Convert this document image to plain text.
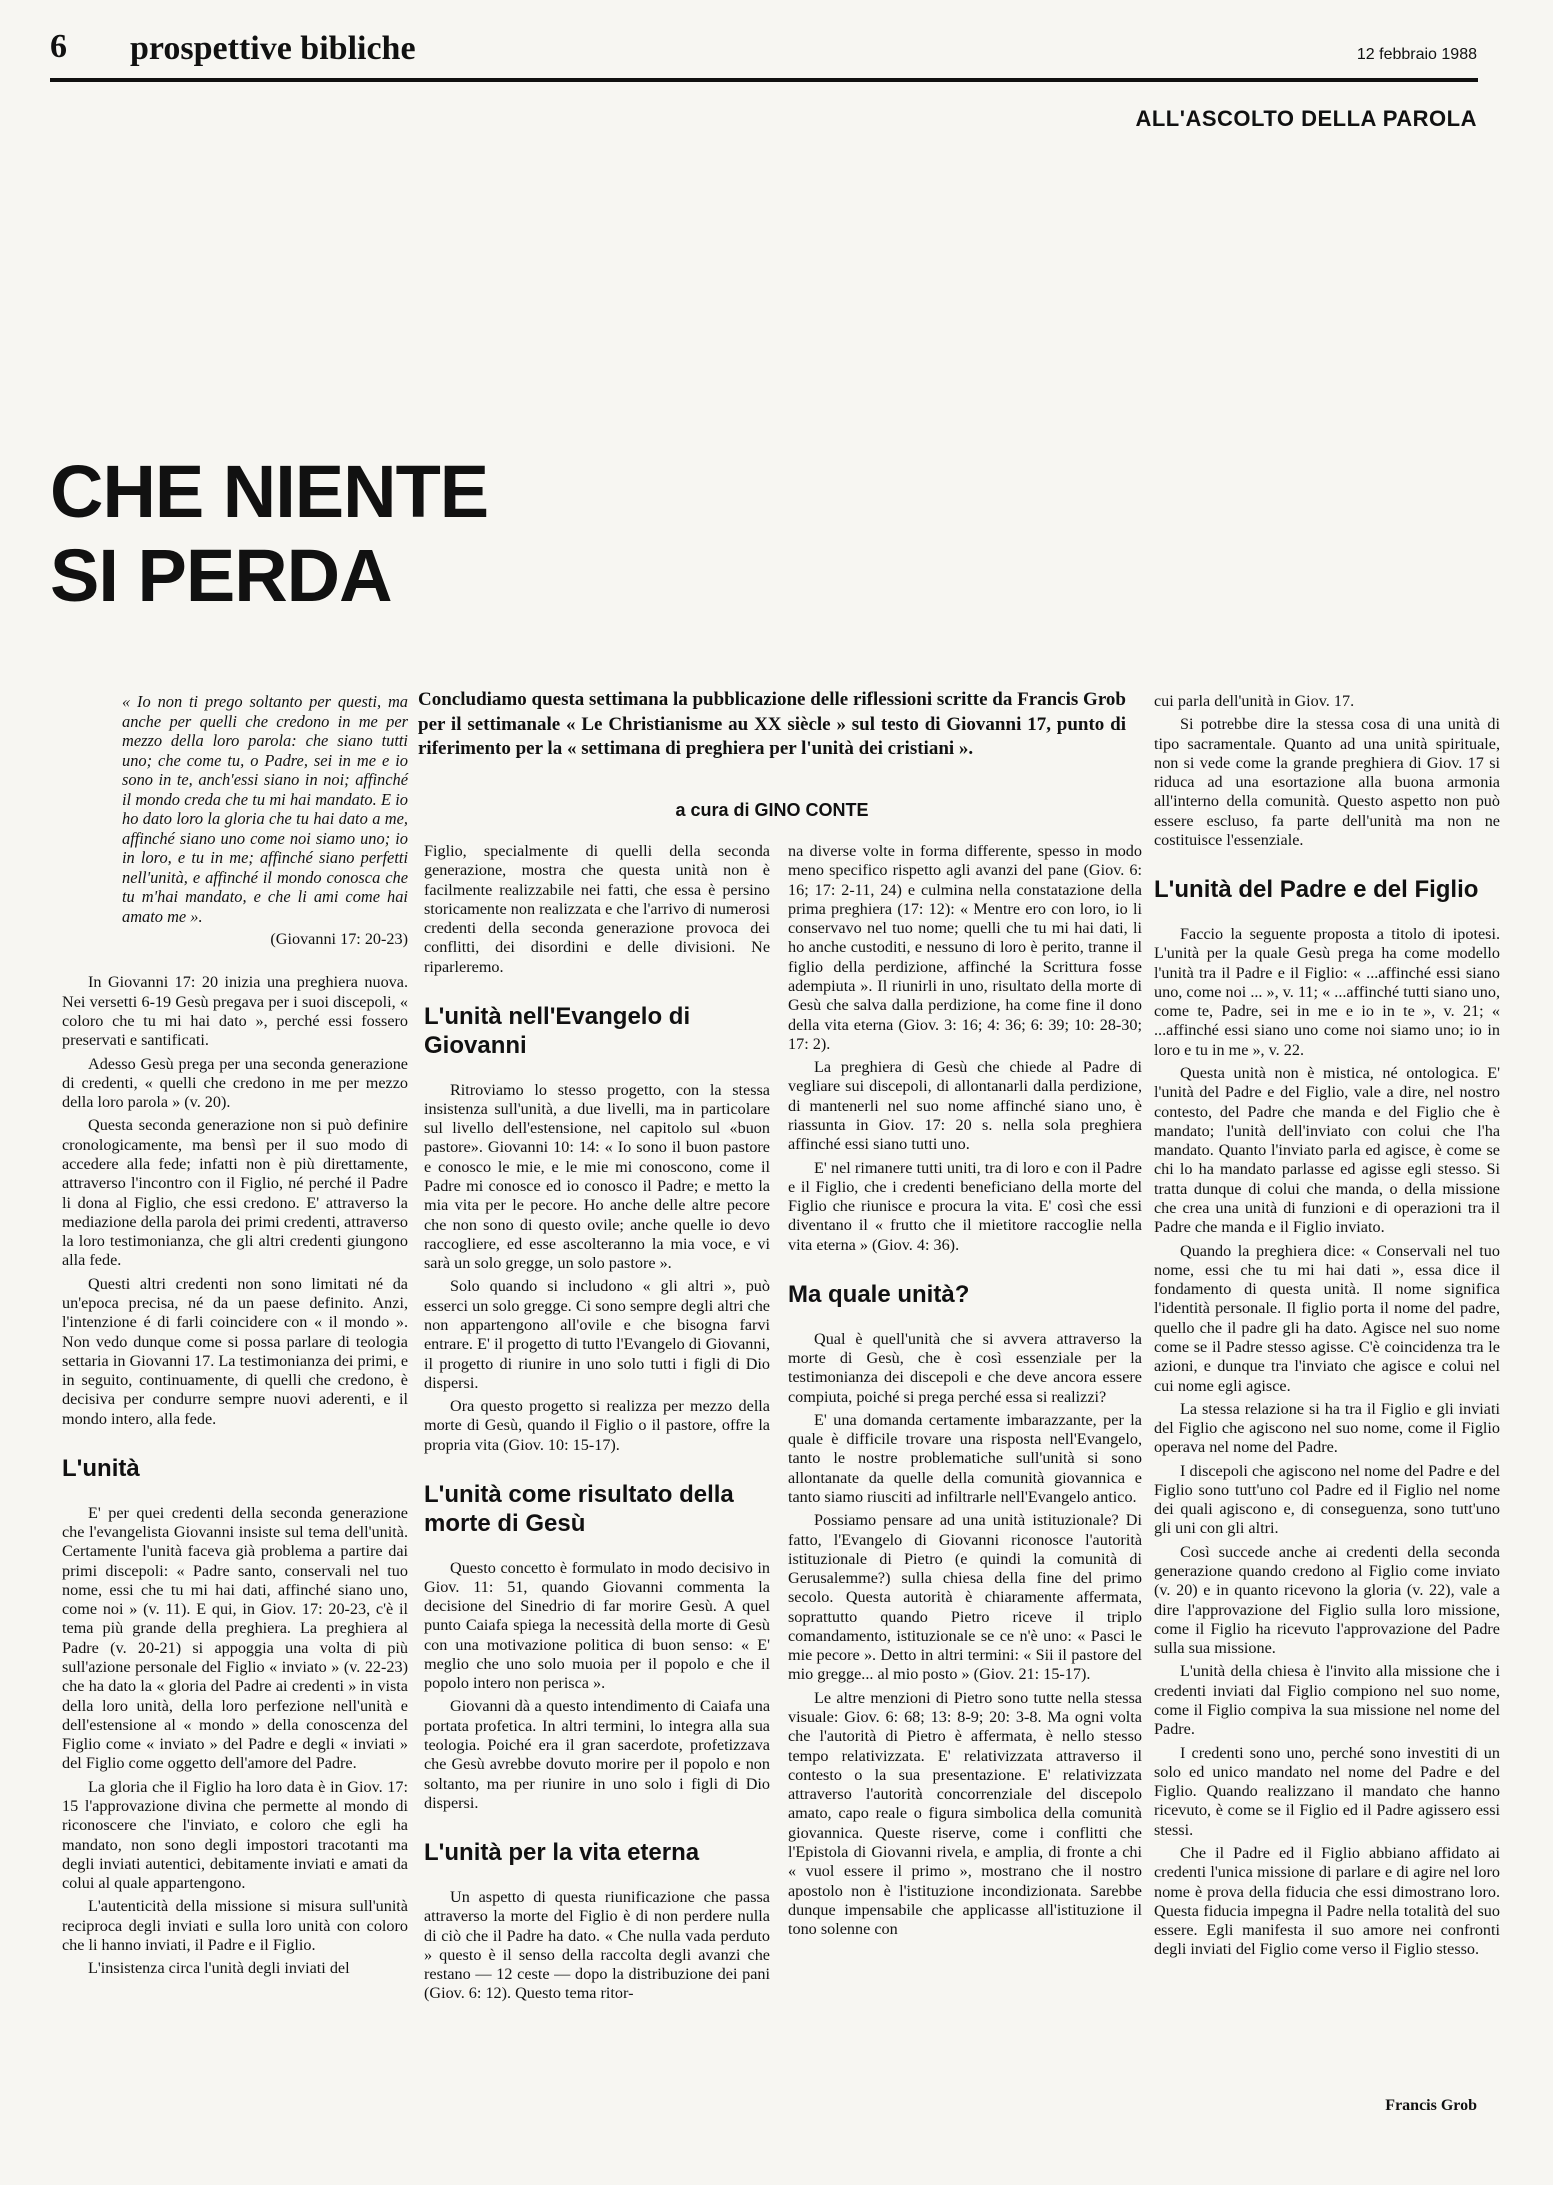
6 prospettive bibliche	12 febbraio 1988
ALL'ASCOLTO DELLA PAROLA
CHE NIENTE
SI PERDA
Concludiamo questa settimana la pubblicazione delle riflessioni scritte da Francis Grob per il settimanale « Le Christianisme au XX siècle » sul testo di Giovanni 17, punto di riferimento per la « settimana di preghiera per l'unità dei cristiani ».
a cura di GINO CONTE

« Io non ti prego soltanto per questi, ma anche per quelli che credono in me per mezzo della loro parola: che siano tutti uno; che come tu, o Padre, sei in me e io sono in te, anch'essi siano in noi; affinché il mondo creda che tu mi hai mandato. E io ho dato loro la gloria che tu hai dato a me, affinché siano uno come noi siamo uno; io in loro, e tu in me; affinché siano perfetti nell'unità, e affinché il mondo conosca che tu m'hai mandato, e che li ami come hai amato me ».

(Giovanni 17: 20-23)

In Giovanni 17: 20 inizia una preghiera nuova. Nei versetti 6-19 Gesù pregava per i suoi discepoli, « coloro che tu mi hai dato », perché essi fossero preservati e santificati.

Adesso Gesù prega per una seconda generazione di credenti, « quelli che credono in me per mezzo della loro parola » (v. 20).

Questa seconda generazione non si può definire cronologicamente, ma bensì per il suo modo di accedere alla fede; infatti non è più direttamente, attraverso l'incontro con il Figlio, né perché il Padre li dona al Figlio, che essi credono. E' attraverso la mediazione della parola dei primi credenti, attraverso la loro testimonianza, che gli altri credenti giungono alla fede.

Questi altri credenti non sono limitati né da un'epoca precisa, né da un paese definito. Anzi, l'intenzione é di farli coincidere con « il mondo ». Non vedo dunque come si possa parlare di teologia settaria in Giovanni 17. La testimonianza dei primi, e in seguito, continuamente, di quelli che credono, è decisiva per condurre sempre nuovi aderenti, e il mondo intero, alla fede.

L'unità

E' per quei credenti della seconda generazione che l'evangelista Giovanni insiste sul tema dell'unità. Certamente l'unità faceva già problema a partire dai primi discepoli: « Padre santo, conservali nel tuo nome, essi che tu mi hai dati, affinché siano uno, come noi » (v. 11). E qui, in Giov. 17: 20-23, c'è il tema più grande della preghiera. La preghiera al Padre (v. 20-21) si appoggia una volta di più sull'azione personale del Figlio « inviato » (v. 22-23) che ha dato la « gloria del Padre ai credenti » in vista della loro unità, della loro perfezione nell'unità e dell'estensione al « mondo » della conoscenza del Figlio come « inviato » del Padre e degli « inviati » del Figlio come oggetto dell'amore del Padre.

La gloria che il Figlio ha loro data è in Giov. 17: 15 l'approvazione divina che permette al mondo di riconoscere che l'inviato, e coloro che egli ha mandato, non sono degli impostori tracotanti ma degli inviati autentici, debitamente inviati e amati da colui al quale appartengono.

L'autenticità della missione si misura sull'unità reciproca degli inviati e sulla loro unità con coloro che li hanno inviati, il Padre e il Figlio.

L'insistenza circa l'unità degli inviati del

Figlio, specialmente di quelli della seconda generazione, mostra che questa unità non è facilmente realizzabile nei fatti, che essa è persino storicamente non realizzata e che l'arrivo di numerosi credenti della seconda generazione provoca dei conflitti, dei disordini e delle divisioni. Ne riparleremo.

L'unità nell'Evangelo di Giovanni

Ritroviamo lo stesso progetto, con la stessa insistenza sull'unità, a due livelli, ma in particolare sul livello dell'estensione, nel capitolo sul «buon pastore». Giovanni 10: 14: « Io sono il buon pastore e conosco le mie, e le mie mi conoscono, come il Padre mi conosce ed io conosco il Padre; e metto la mia vita per le pecore. Ho anche delle altre pecore che non sono di questo ovile; anche quelle io devo raccogliere, ed esse ascolteranno la mia voce, e vi sarà un solo gregge, un solo pastore ».

Solo quando si includono « gli altri », può esserci un solo gregge. Ci sono sempre degli altri che non appartengono all'ovile e che bisogna farvi entrare. E' il progetto di tutto l'Evangelo di Giovanni, il progetto di riunire in uno solo tutti i figli di Dio dispersi.

Ora questo progetto si realizza per mezzo della morte di Gesù, quando il Figlio o il pastore, offre la propria vita (Giov. 10: 15-17).

L'unità come risultato della morte di Gesù

Questo concetto è formulato in modo decisivo in Giov. 11: 51, quando Giovanni commenta la decisione del Sinedrio di far morire Gesù. A quel punto Caiafa spiega la necessità della morte di Gesù con una motivazione politica di buon senso: « E' meglio che uno solo muoia per il popolo e che il popolo intero non perisca ».

Giovanni dà a questo intendimento di Caiafa una portata profetica. In altri termini, lo integra alla sua teologia. Poiché era il gran sacerdote, profetizzava che Gesù avrebbe dovuto morire per il popolo e non soltanto, ma per riunire in uno solo i figli di Dio dispersi.

L'unità per la vita eterna

Un aspetto di questa riunificazione che passa attraverso la morte del Figlio è di non perdere nulla di ciò che il Padre ha dato. « Che nulla vada perduto » questo è il senso della raccolta degli avanzi che restano — 12 ceste — dopo la distribuzione dei pani (Giov. 6: 12). Questo tema ritor-

na diverse volte in forma differente, spesso in modo meno specifico rispetto agli avanzi del pane (Giov. 6: 16; 17: 2-11, 24) e culmina nella constatazione della prima preghiera (17: 12): « Mentre ero con loro, io li conservavo nel tuo nome; quelli che tu mi hai dati, li ho anche custoditi, e nessuno di loro è perito, tranne il figlio della perdizione, affinché la Scrittura fosse adempiuta ». Il riunirli in uno, risultato della morte di Gesù che salva dalla perdizione, ha come fine il dono della vita eterna (Giov. 3: 16; 4: 36; 6: 39; 10: 28-30; 17: 2).

La preghiera di Gesù che chiede al Padre di vegliare sui discepoli, di allontanarli dalla perdizione, di mantenerli nel suo nome affinché siano uno, è riassunta in Giov. 17: 20 s. nella sola preghiera affinché essi siano tutti uno.

E' nel rimanere tutti uniti, tra di loro e con il Padre e il Figlio, che i credenti beneficiano della morte del Figlio che riunisce e procura la vita. E' così che essi diventano il « frutto che il mietitore raccoglie nella vita eterna » (Giov. 4: 36).

Ma quale unità?

Qual è quell'unità che si avvera attraverso la morte di Gesù, che è così essenziale per la testimonianza dei discepoli e che deve ancora essere compiuta, poiché si prega perché essa si realizzi?

E' una domanda certamente imbarazzante, per la quale è difficile trovare una risposta nell'Evangelo, tanto le nostre problematiche sull'unità si sono allontanate da quelle della comunità giovannica e tanto siamo riusciti ad infiltrarle nell'Evangelo antico.

Possiamo pensare ad una unità istituzionale? Di fatto, l'Evangelo di Giovanni riconosce l'autorità istituzionale di Pietro (e quindi la comunità di Gerusalemme?) sulla chiesa della fine del primo secolo. Questa autorità è chiaramente affermata, soprattutto quando Pietro riceve il triplo comandamento, istituzionale se ce n'è uno: « Pasci le mie pecore ». Detto in altri termini: « Sii il pastore del mio gregge... al mio posto » (Giov. 21: 15-17).

Le altre menzioni di Pietro sono tutte nella stessa visuale: Giov. 6: 68; 13: 8-9; 20: 3-8. Ma ogni volta che l'autorità di Pietro è affermata, è nello stesso tempo relativizzata. E' relativizzata attraverso il contesto o la sua presentazione. E' relativizzata attraverso l'autorità concorrenziale del discepolo amato, capo reale o figura simbolica della comunità giovannica. Queste riserve, come i conflitti che l'Epistola di Giovanni rivela, e amplia, di fronte a chi « vuol essere il primo », mostrano che il nostro apostolo non è l'istituzione incondizionata. Sarebbe dunque impensabile che applicasse all'istituzione il tono solenne con

cui parla dell'unità in Giov. 17.

Si potrebbe dire la stessa cosa di una unità di tipo sacramentale. Quanto ad una unità spirituale, non si vede come la grande preghiera di Giov. 17 si riduca ad una esortazione alla buona armonia all'interno della comunità. Questo aspetto non può essere escluso, fa parte dell'unità ma non ne costituisce l'essenziale.

L'unità del Padre e del Figlio

Faccio la seguente proposta a titolo di ipotesi. L'unità per la quale Gesù prega ha come modello l'unità tra il Padre e il Figlio: « ...affinché essi siano uno, come noi ... », v. 11; « ...affinché tutti siano uno, come te, Padre, sei in me e io in te », v. 21; « ...affinché essi siano uno come noi siamo uno; io in loro e tu in me », v. 22.

Questa unità non è mistica, né ontologica. E' l'unità del Padre e del Figlio, vale a dire, nel nostro contesto, del Padre che manda e del Figlio che è mandato; l'unità dell'inviato con colui che l'ha mandato. Quanto l'inviato parla ed agisce, è come se chi lo ha mandato parlasse ed agisse egli stesso. Si tratta dunque di colui che manda, o della missione che crea una unità di funzioni e di operazioni tra il Padre che manda e il Figlio inviato.

Quando la preghiera dice: « Conservali nel tuo nome, essi che tu mi hai dati », essa dice il fondamento di questa unità. Il nome significa l'identità personale. Il figlio porta il nome del padre, quello che il padre gli ha dato. Agisce nel suo nome come se il Padre stesso agisse. C'è coincidenza tra le azioni, e dunque tra l'inviato che agisce e colui nel cui nome egli agisce.

La stessa relazione si ha tra il Figlio e gli inviati del Figlio che agiscono nel suo nome, come il Figlio operava nel nome del Padre.

I discepoli che agiscono nel nome del Padre e del Figlio sono tutt'uno col Padre ed il Figlio nel nome dei quali agiscono e, di conseguenza, sono tutt'uno gli uni con gli altri.

Così succede anche ai credenti della seconda generazione quando credono al Figlio come inviato (v. 20) e in quanto ricevono la gloria (v. 22), vale a dire l'approvazione del Figlio sulla loro missione, come il Figlio ha ricevuto l'approvazione del Padre sulla sua missione.

L'unità della chiesa è l'invito alla missione che i credenti inviati dal Figlio compiono nel suo nome, come il Figlio compiva la sua missione nel nome del Padre.

I credenti sono uno, perché sono investiti di un solo ed unico mandato nel nome del Padre e del Figlio. Quando realizzano il mandato che hanno ricevuto, è come se il Figlio ed il Padre agissero essi stessi.

Che il Padre ed il Figlio abbiano affidato ai credenti l'unica missione di parlare e di agire nel loro nome è prova della fiducia che essi dimostrano loro. Questa fiducia impegna il Padre nella totalità del suo essere. Egli manifesta il suo amore nei confronti degli inviati del Figlio come verso il Figlio stesso.

Francis Grob
